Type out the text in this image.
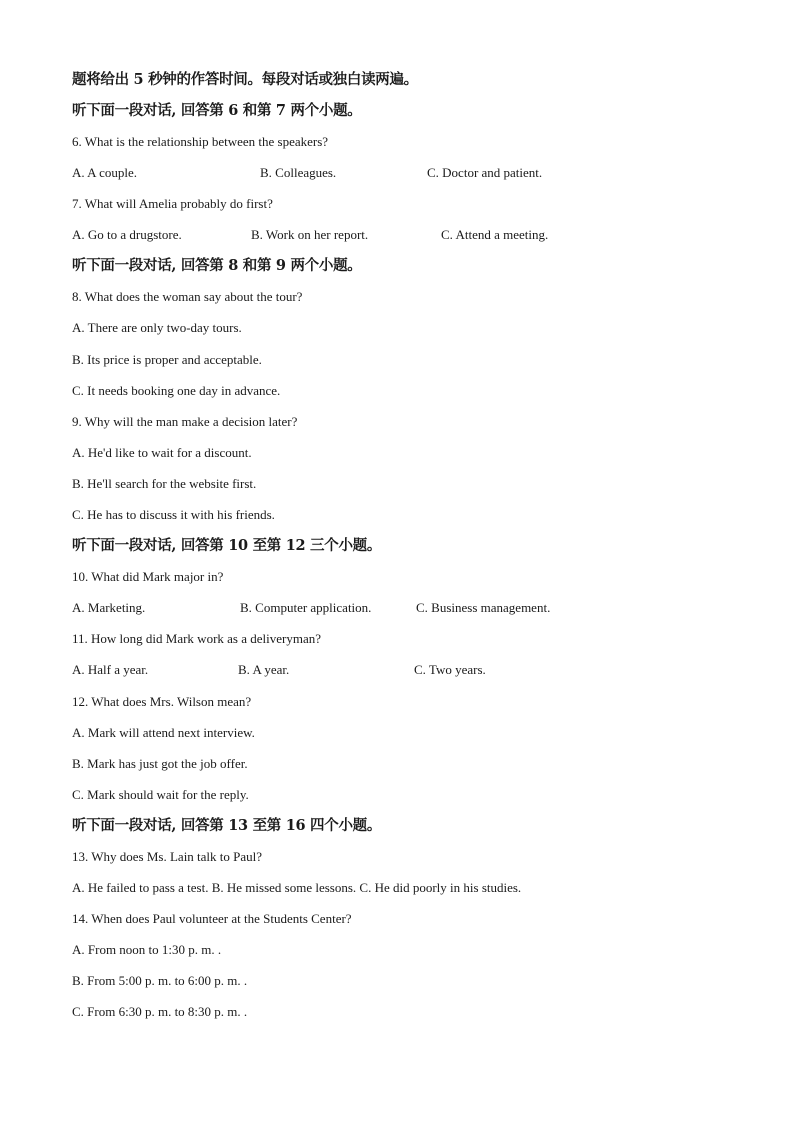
题将给出 5 秒钟的作答时间。每段对话或独白读两遍。
听下面一段对话, 回答第 6 和第 7 两个小题。
6. What is the relationship between the speakers?
A. A couple.	B. Colleagues.	C. Doctor and patient.
7. What will Amelia probably do first?
A. Go to a drugstore.	B. Work on her report.	C. Attend a meeting.
听下面一段对话, 回答第 8 和第 9 两个小题。
8. What does the woman say about the tour?
A. There are only two-day tours.
B. Its price is proper and acceptable.
C. It needs booking one day in advance.
9. Why will the man make a decision later?
A. He'd like to wait for a discount.
B. He'll search for the website first.
C. He has to discuss it with his friends.
听下面一段对话, 回答第 10 至第 12 三个小题。
10. What did Mark major in?
A. Marketing.	B. Computer application.	C. Business management.
11. How long did Mark work as a deliveryman?
A. Half a year.	B. A year.	C. Two years.
12. What does Mrs. Wilson mean?
A. Mark will attend next interview.
B. Mark has just got the job offer.
C. Mark should wait for the reply.
听下面一段对话, 回答第 13 至第 16 四个小题。
13. Why does Ms. Lain talk to Paul?
A. He failed to pass a test. B. He missed some lessons. C. He did poorly in his studies.
14. When does Paul volunteer at the Students Center?
A. From noon to 1:30 p. m. .
B. From 5:00 p. m. to 6:00 p. m. .
C. From 6:30 p. m. to 8:30 p. m. .
